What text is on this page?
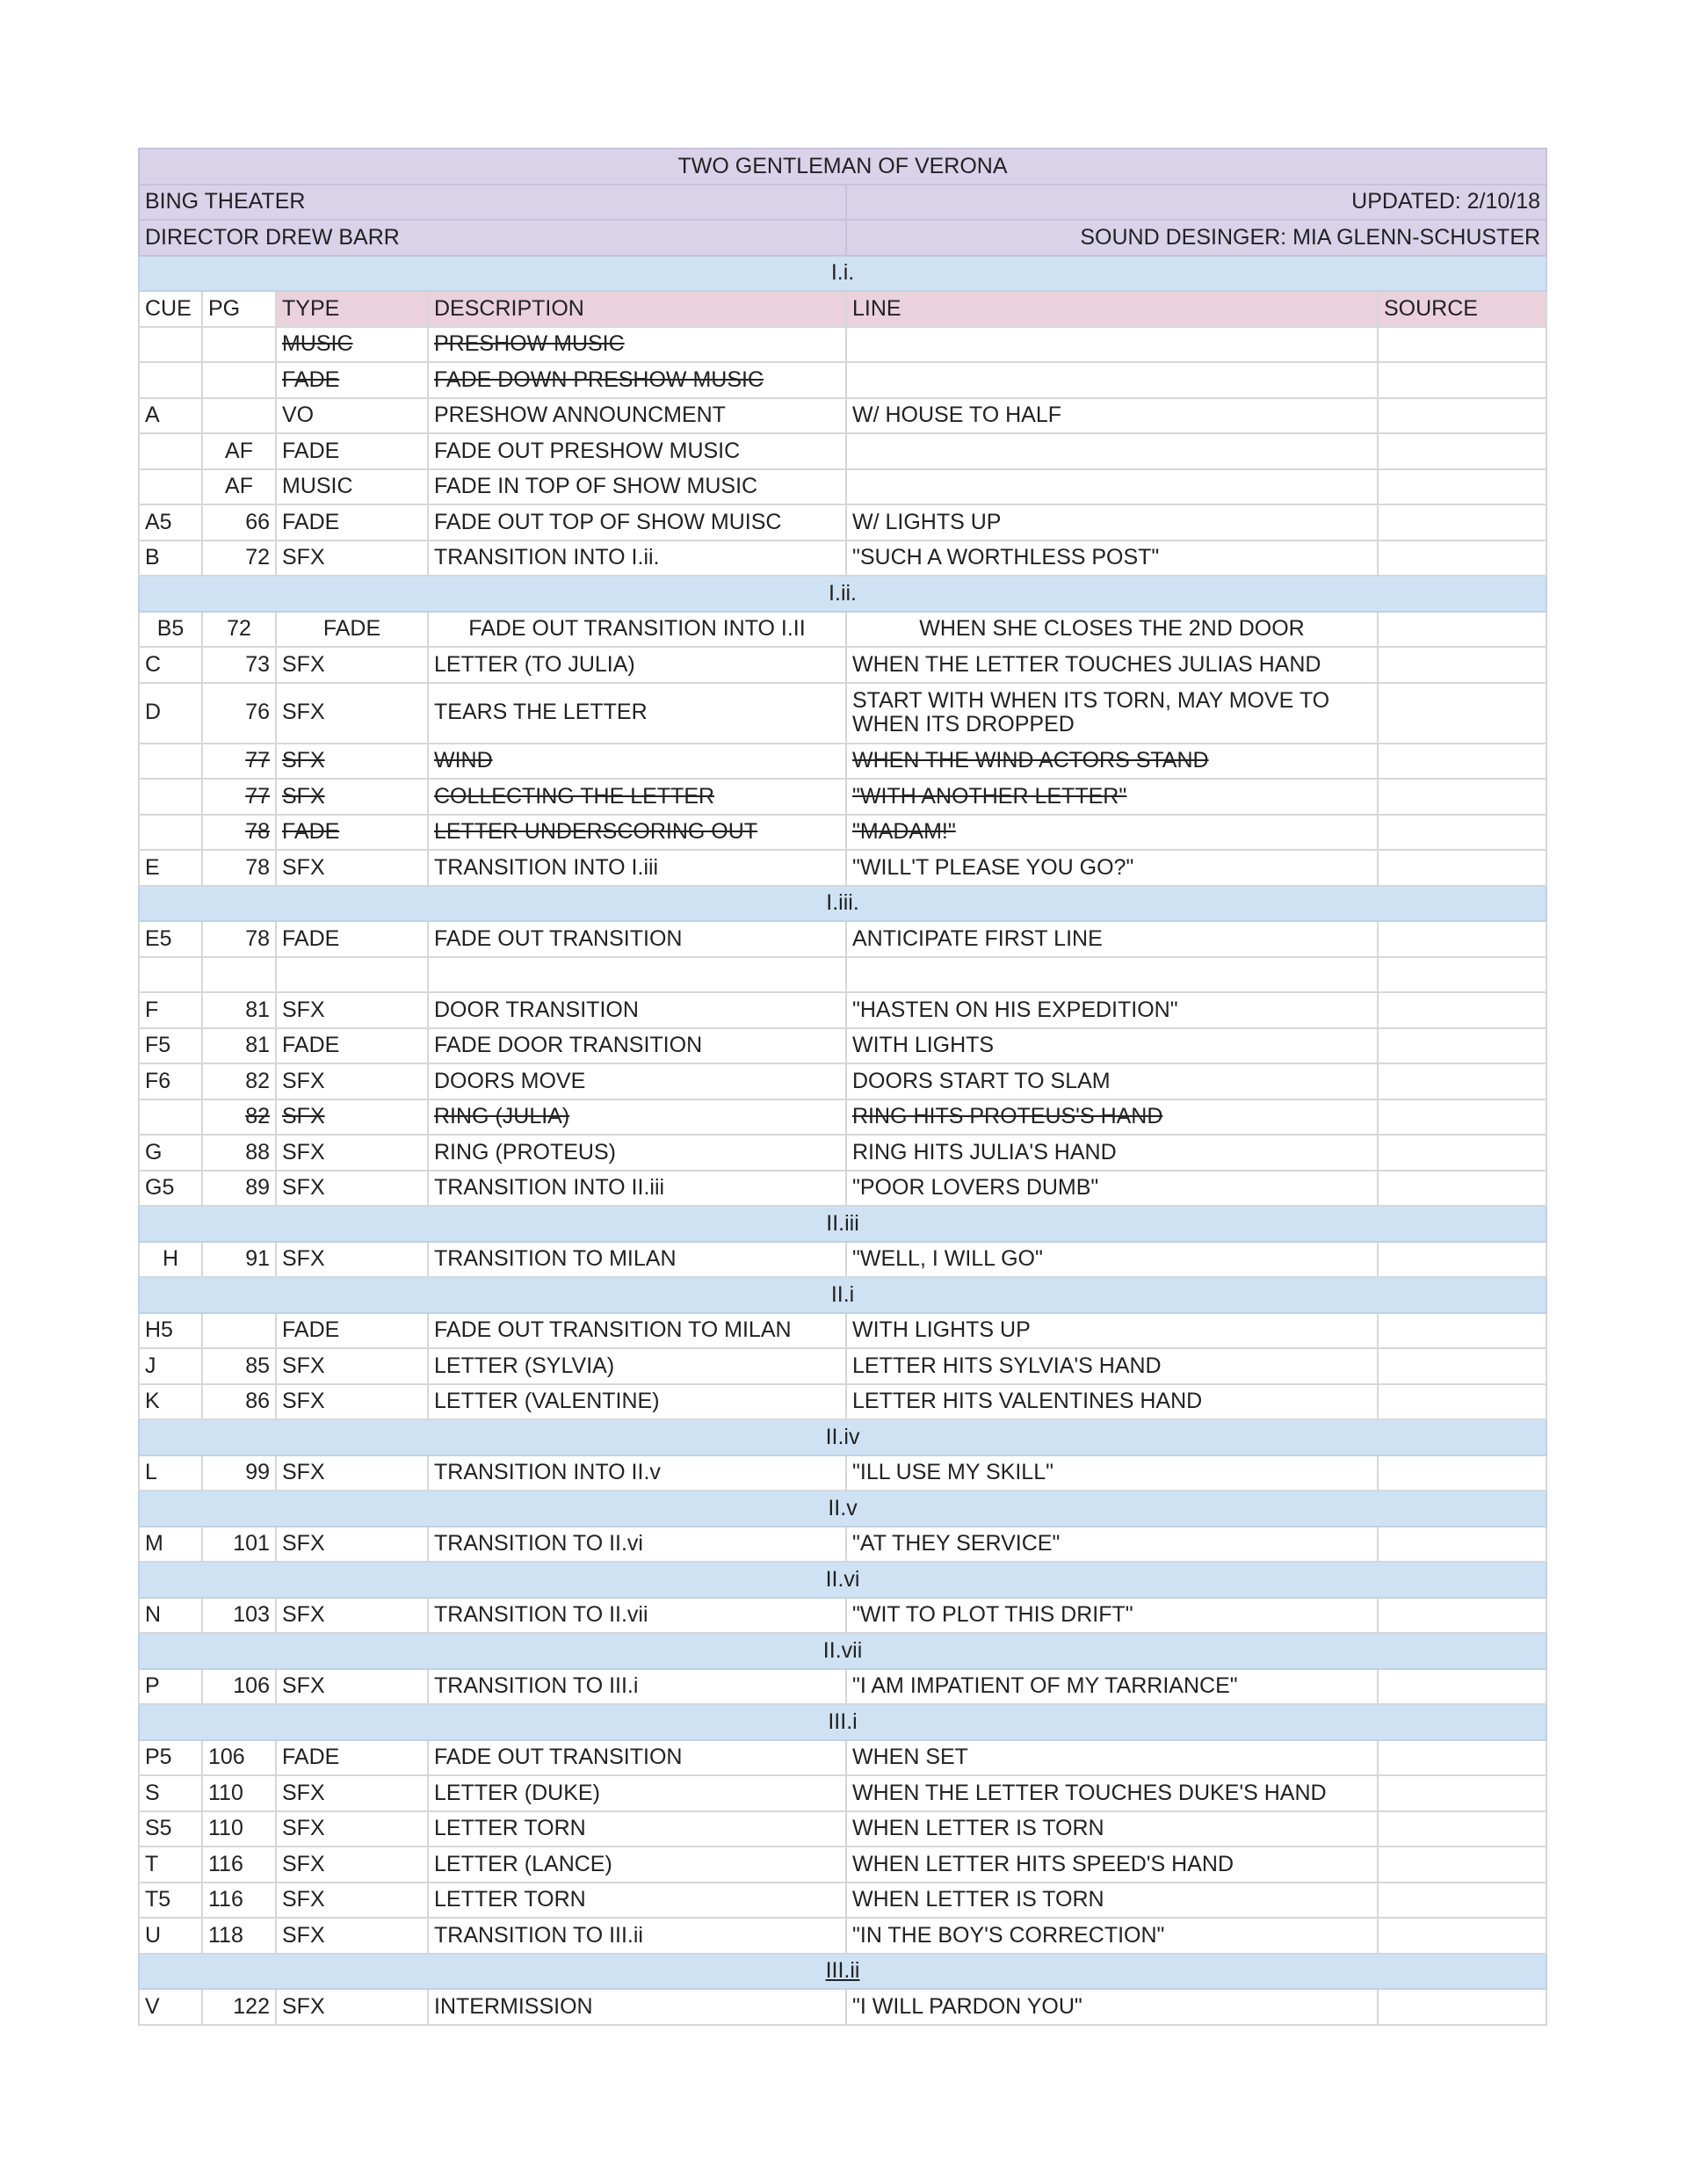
TWO GENTLEMAN OF VERONA					
BING THEATER				UPDATED: 2/10/18	
DIRECTOR DREW BARR				SOUND DESINGER: MIA GLENN-SCHUSTER	
I.i.					
CUE	PG	TYPE	DESCRIPTION	LINE	SOURCE
		MUSIC	PRESHOW MUSIC		
		FADE	FADE DOWN PRESHOW MUSIC		
A		VO	PRESHOW ANNOUNCMENT	W/ HOUSE TO HALF	
	AF	FADE	FADE OUT PRESHOW MUSIC		
	AF	MUSIC	FADE IN TOP OF SHOW MUSIC		
A5	66	FADE	FADE OUT TOP OF SHOW MUISC	W/ LIGHTS UP	
B	72	SFX	TRANSITION INTO I.ii.	"SUCH A WORTHLESS POST"	
I.ii.					
B5	72	FADE	FADE OUT TRANSITION INTO I.II	WHEN SHE CLOSES THE 2ND DOOR	
C	73	SFX	LETTER (TO JULIA)	WHEN THE LETTER TOUCHES JULIAS HAND	
D	76	SFX	TEARS THE LETTER	START WITH WHEN ITS TORN, MAY MOVE TO WHEN ITS DROPPED	
	77	SFX	WIND	WHEN THE WIND ACTORS STAND	
	77	SFX	COLLECTING THE LETTER	"WITH ANOTHER LETTER"	
	78	FADE	LETTER UNDERSCORING OUT	"MADAM!"	
E	78	SFX	TRANSITION INTO I.iii	"WILL'T PLEASE YOU GO?"	
I.iii.					
E5	78	FADE	FADE OUT TRANSITION	ANTICIPATE FIRST LINE	

F	81	SFX	DOOR TRANSITION	"HASTEN ON HIS EXPEDITION"	
F5	81	FADE	FADE DOOR TRANSITION	WITH LIGHTS	
F6	82	SFX	DOORS MOVE	DOORS START TO SLAM	
	82	SFX	RING (JULIA)	RING HITS PROTEUS'S HAND	
G	88	SFX	RING (PROTEUS)	RING HITS JULIA'S HAND	
G5	89	SFX	TRANSITION INTO II.iii	"POOR LOVERS DUMB"	
II.iii					
H	91	SFX	TRANSITION TO MILAN	"WELL, I WILL GO"	
II.i					
H5		FADE	FADE OUT TRANSITION TO MILAN	WITH LIGHTS UP	
J	85	SFX	LETTER (SYLVIA)	LETTER HITS SYLVIA'S HAND	
K	86	SFX	LETTER (VALENTINE)	LETTER HITS VALENTINES HAND	
II.iv					
L	99	SFX	TRANSITION INTO II.v	"ILL USE MY SKILL"	
II.v					
M	101	SFX	TRANSITION TO II.vi	"AT THEY SERVICE"	
II.vi					
N	103	SFX	TRANSITION TO II.vii	"WIT TO PLOT THIS DRIFT"	
II.vii					
P	106	SFX	TRANSITION TO III.i	"I AM IMPATIENT OF MY TARRIANCE"	
III.i					
P5	106	FADE	FADE OUT TRANSITION	WHEN SET	
S	110	SFX	LETTER (DUKE)	WHEN THE LETTER TOUCHES DUKE'S HAND	
S5	110	SFX	LETTER TORN	WHEN LETTER IS TORN	
T	116	SFX	LETTER (LANCE)	WHEN LETTER HITS SPEED'S HAND	
T5	116	SFX	LETTER TORN	WHEN LETTER IS TORN	
U	118	SFX	TRANSITION TO III.ii	"IN THE BOY'S CORRECTION"	
III.ii					
V	122	SFX	INTERMISSION	"I WILL PARDON YOU"	
